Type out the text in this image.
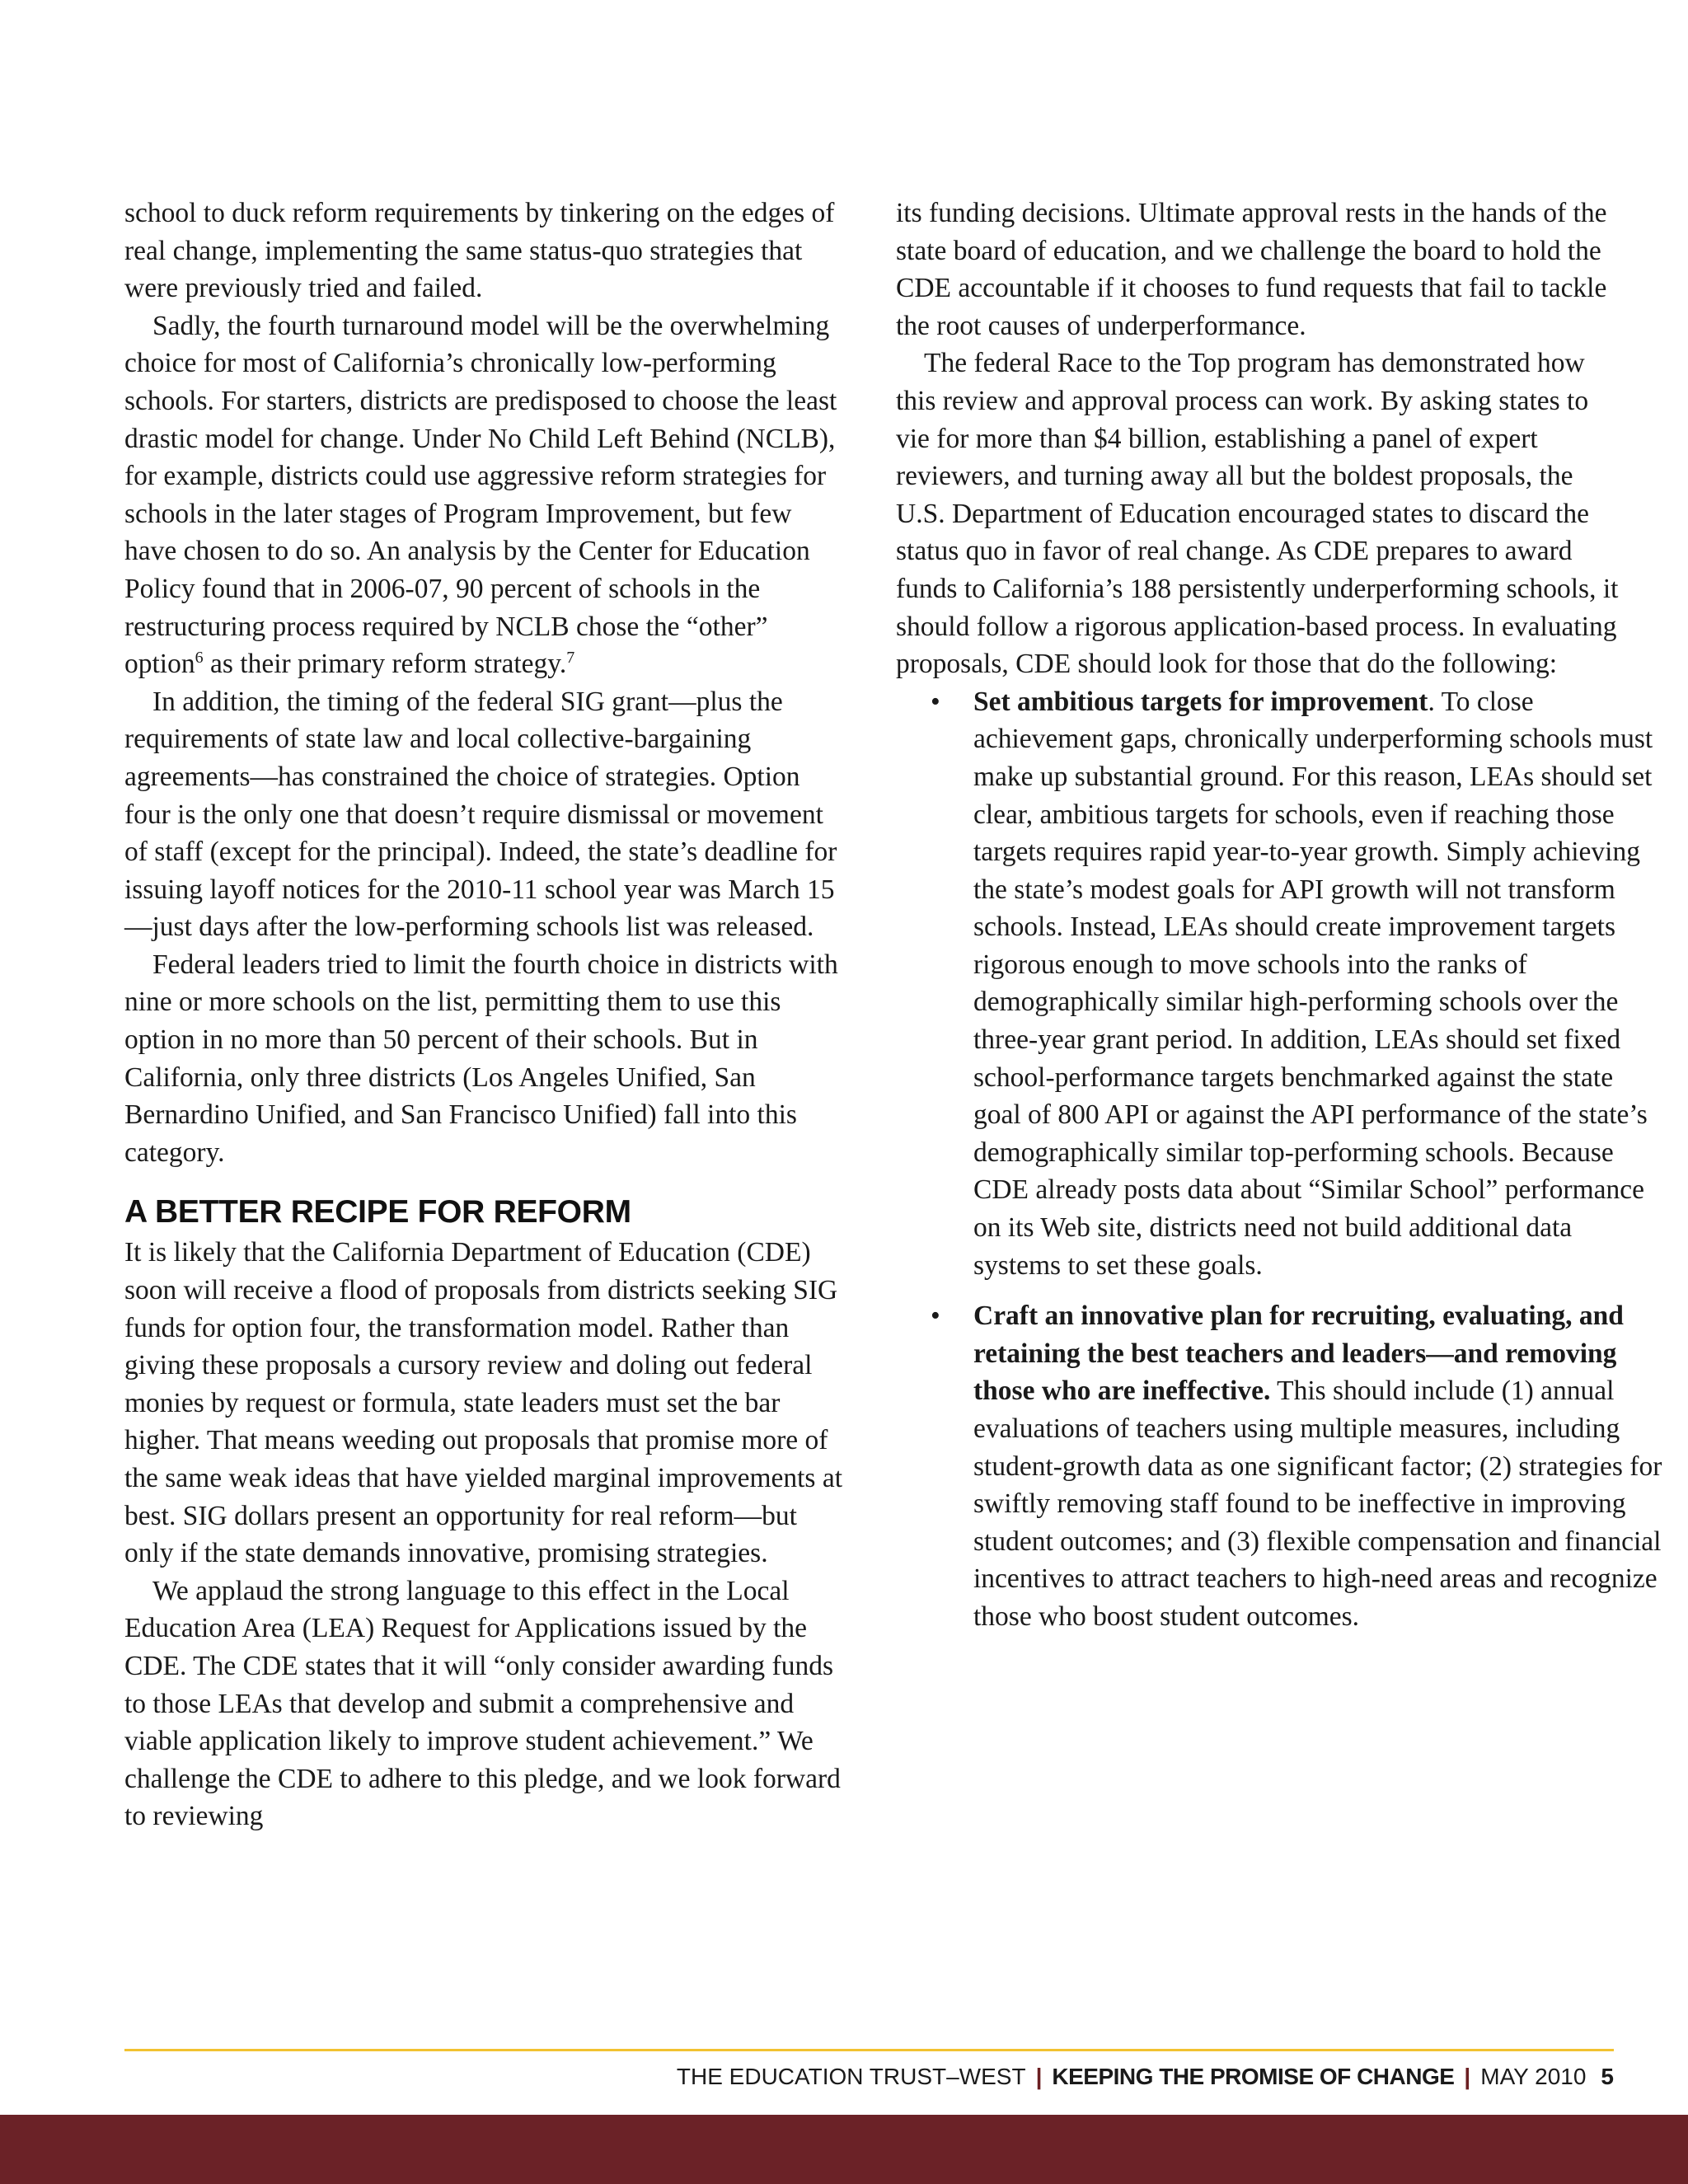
school to duck reform requirements by tinkering on the edges of real change, implementing the same status-quo strategies that were previously tried and failed.

Sadly, the fourth turnaround model will be the overwhelming choice for most of California’s chronically low-performing schools. For starters, districts are predisposed to choose the least drastic model for change. Under No Child Left Behind (NCLB), for example, districts could use aggressive reform strategies for schools in the later stages of Program Improvement, but few have chosen to do so. An analysis by the Center for Education Policy found that in 2006-07, 90 percent of schools in the restructuring process required by NCLB chose the “other” option$^6$ as their primary reform strategy.$^7$

In addition, the timing of the federal SIG grant—plus the requirements of state law and local collective-bargaining agreements—has constrained the choice of strategies. Option four is the only one that doesn’t require dismissal or movement of staff (except for the principal). Indeed, the state’s deadline for issuing layoff notices for the 2010-11 school year was March 15—just days after the low-performing schools list was released.

Federal leaders tried to limit the fourth choice in districts with nine or more schools on the list, permitting them to use this option in no more than 50 percent of their schools. But in California, only three districts (Los Angeles Unified, San Bernardino Unified, and San Francisco Unified) fall into this category.

A BETTER RECIPE FOR REFORM

It is likely that the California Department of Education (CDE) soon will receive a flood of proposals from districts seeking SIG funds for option four, the transformation model. Rather than giving these proposals a cursory review and doling out federal monies by request or formula, state leaders must set the bar higher. That means weeding out proposals that promise more of the same weak ideas that have yielded marginal improvements at best. SIG dollars present an opportunity for real reform—but only if the state demands innovative, promising strategies.

We applaud the strong language to this effect in the Local Education Area (LEA) Request for Applications issued by the CDE. The CDE states that it will “only consider awarding funds to those LEAs that develop and submit a comprehensive and viable application likely to improve student achievement.” We challenge the CDE to adhere to this pledge, and we look forward to reviewing

its funding decisions. Ultimate approval rests in the hands of the state board of education, and we challenge the board to hold the CDE accountable if it chooses to fund requests that fail to tackle the root causes of underperformance.

The federal Race to the Top program has demonstrated how this review and approval process can work. By asking states to vie for more than $4 billion, establishing a panel of expert reviewers, and turning away all but the boldest proposals, the U.S. Department of Education encouraged states to discard the status quo in favor of real change. As CDE prepares to award funds to California’s 188 persistently underperforming schools, it should follow a rigorous application-based process. In evaluating proposals, CDE should look for those that do the following:

• Set ambitious targets for improvement. To close achievement gaps, chronically underperforming schools must make up substantial ground. For this reason, LEAs should set clear, ambitious targets for schools, even if reaching those targets requires rapid year-to-year growth. Simply achieving the state’s modest goals for API growth will not transform schools. Instead, LEAs should create improvement targets rigorous enough to move schools into the ranks of demographically similar high-performing schools over the three-year grant period. In addition, LEAs should set fixed school-performance targets benchmarked against the state goal of 800 API or against the API performance of the state’s demographically similar top-performing schools. Because CDE already posts data about “Similar School” performance on its Web site, districts need not build additional data systems to set these goals.
• Craft an innovative plan for recruiting, evaluating, and retaining the best teachers and leaders—and removing those who are ineffective. This should include (1) annual evaluations of teachers using multiple measures, including student-growth data as one significant factor; (2) strategies for swiftly removing staff found to be ineffective in improving student outcomes; and (3) flexible compensation and financial incentives to attract teachers to high-need areas and recognize those who boost student outcomes.
THE EDUCATION TRUST–WEST | KEEPING THE PROMISE OF CHANGE | MAY 2010 5
